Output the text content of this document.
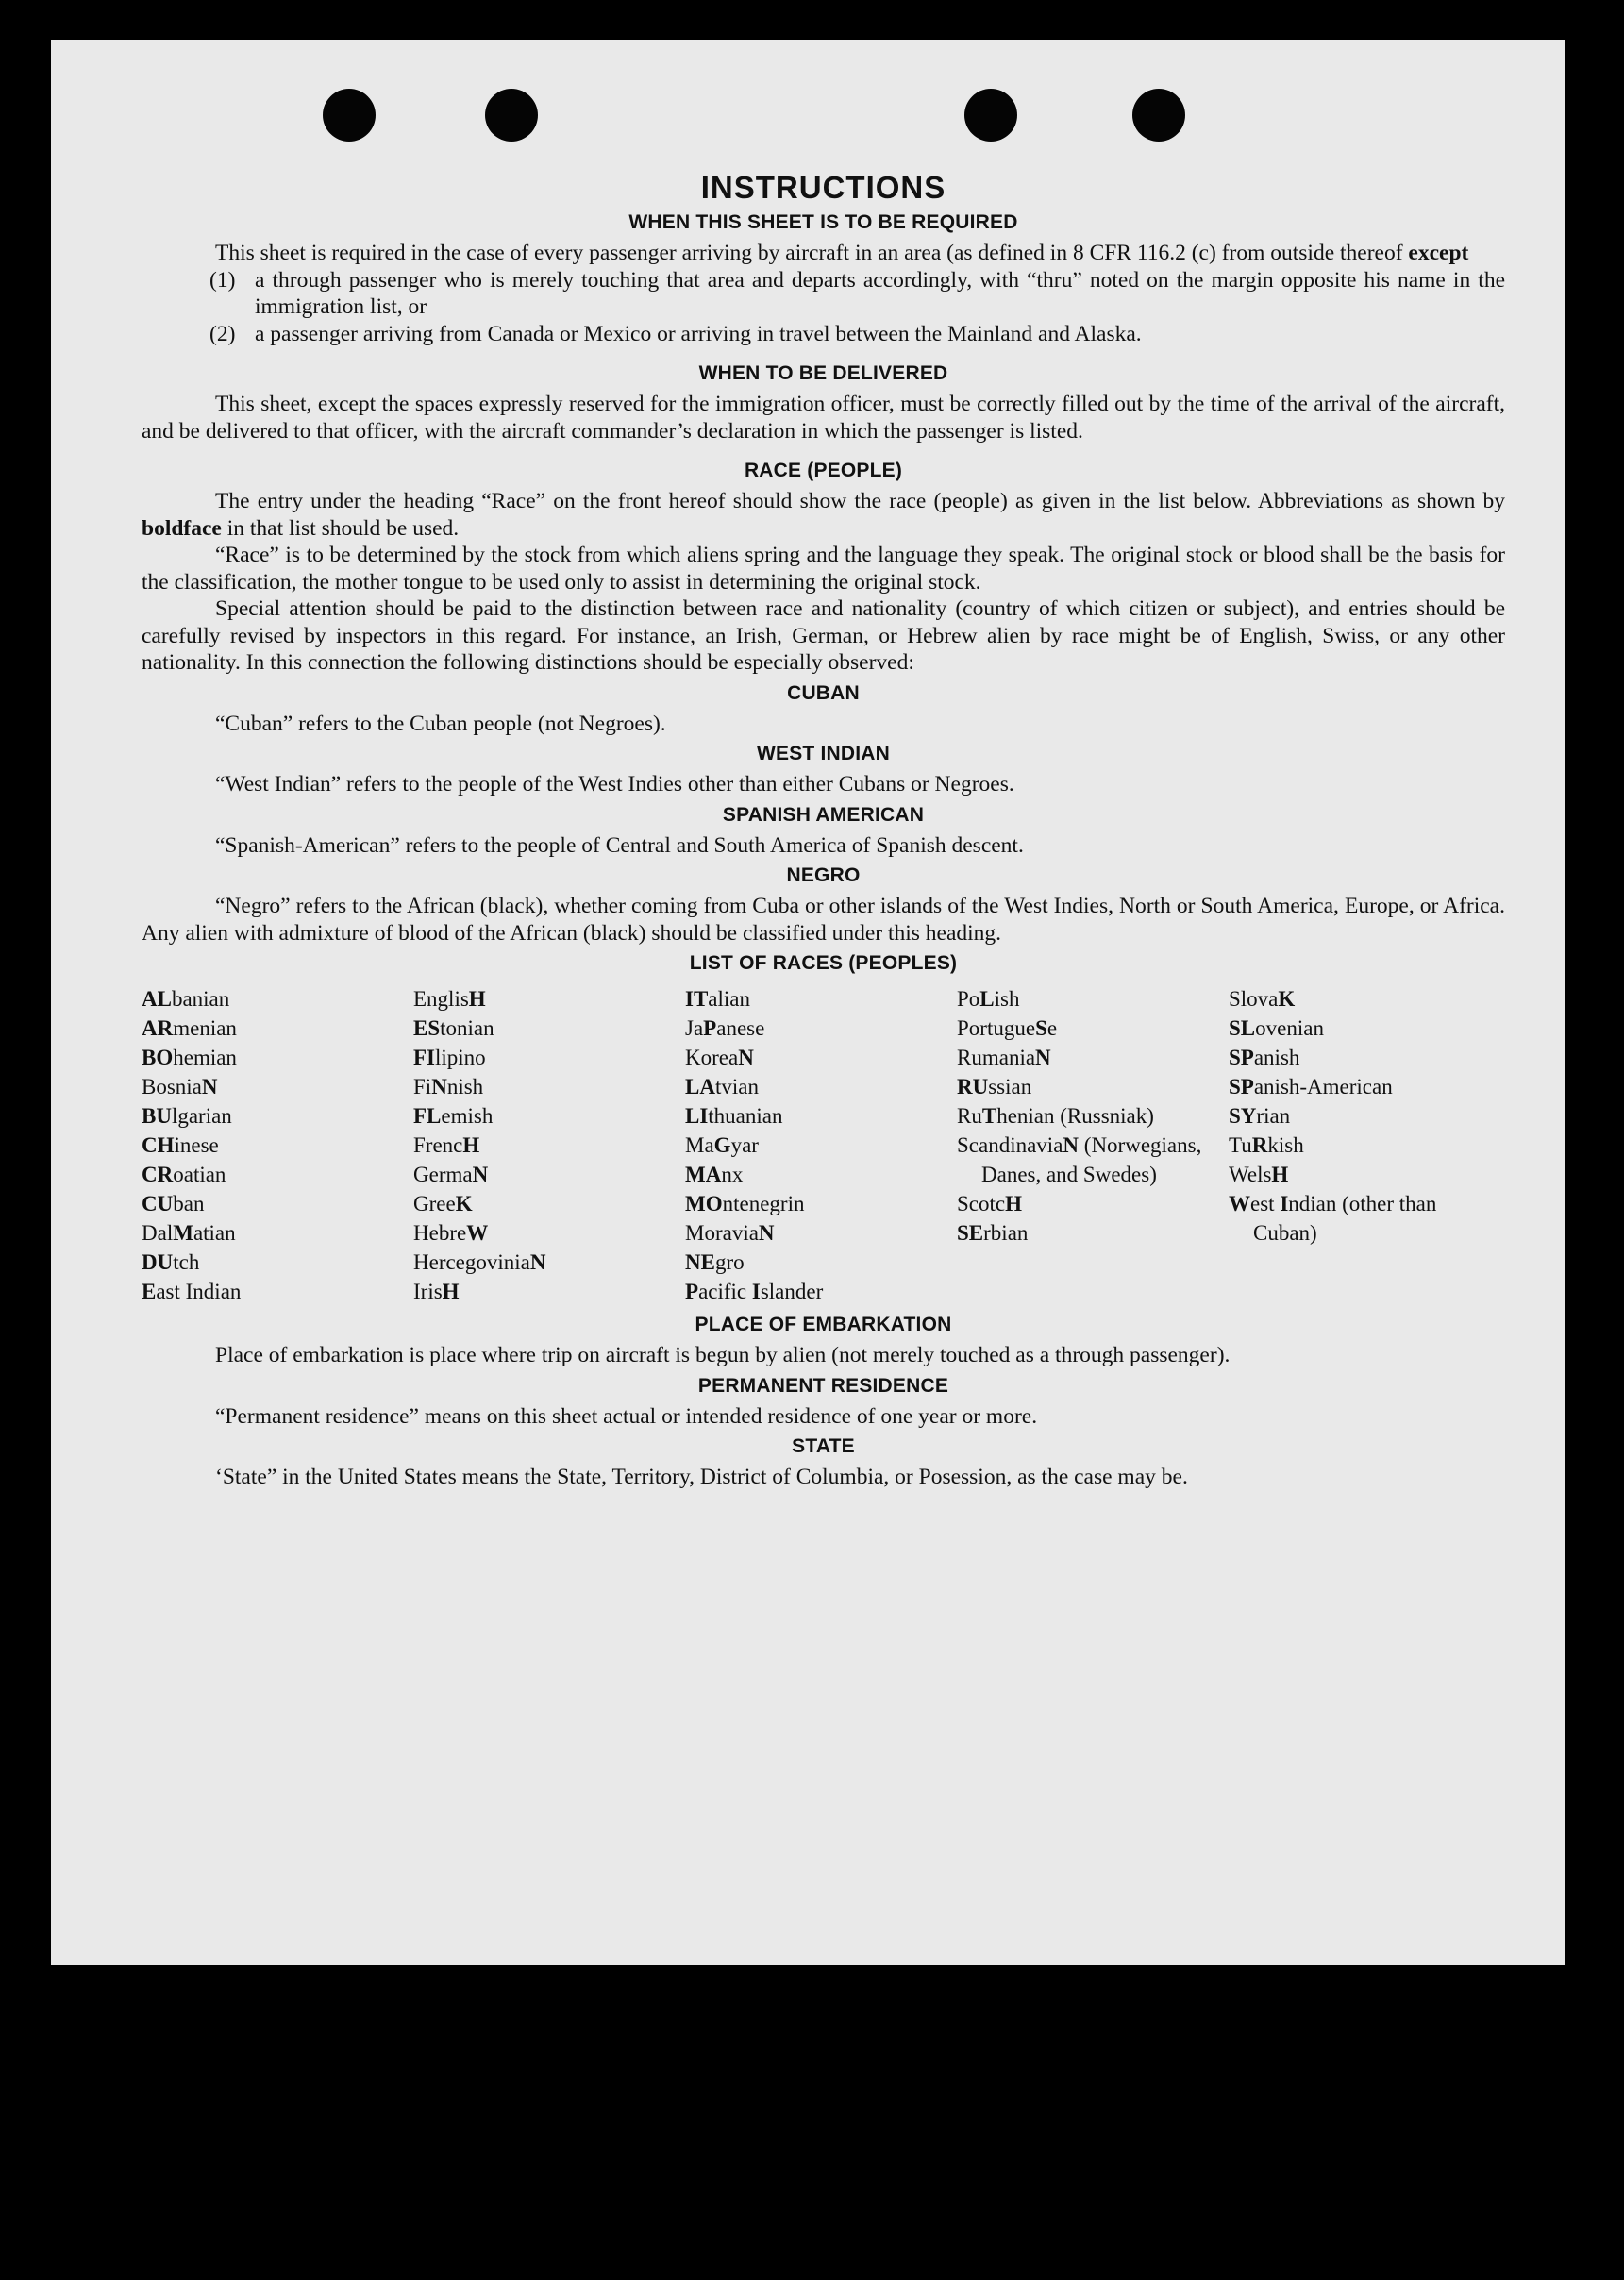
INSTRUCTIONS
WHEN THIS SHEET IS TO BE REQUIRED

This sheet is required in the case of every passenger arriving by aircraft in an area (as defined in 8 CFR 116.2 (c) from outside thereof except

(1) a through passenger who is merely touching that area and departs accordingly, with “thru” noted on the margin opposite his name in the immigration list, or

(2) a passenger arriving from Canada or Mexico or arriving in travel between the Mainland and Alaska.

WHEN TO BE DELIVERED

This sheet, except the spaces expressly reserved for the immigration officer, must be correctly filled out by the time of the arrival of the aircraft, and be delivered to that officer, with the aircraft commander’s declaration in which the passenger is listed.

RACE (PEOPLE)

The entry under the heading “Race” on the front hereof should show the race (people) as given in the list below. Abbreviations as shown by boldface in that list should be used.

“Race” is to be determined by the stock from which aliens spring and the language they speak. The original stock or blood shall be the basis for the classification, the mother tongue to be used only to assist in determining the original stock.

Special attention should be paid to the distinction between race and nationality (country of which citizen or subject), and entries should be carefully revised by inspectors in this regard. For instance, an Irish, German, or Hebrew alien by race might be of English, Swiss, or any other nationality. In this connection the following distinctions should be especially observed:

CUBAN

“Cuban” refers to the Cuban people (not Negroes).

WEST INDIAN

“West Indian” refers to the people of the West Indies other than either Cubans or Negroes.

SPANISH AMERICAN

“Spanish-American” refers to the people of Central and South America of Spanish descent.

NEGRO

“Negro” refers to the African (black), whether coming from Cuba or other islands of the West Indies, North or South America, Europe, or Africa. Any alien with admixture of blood of the African (black) should be classified under this heading.

LIST OF RACES (PEOPLES)
ALbanian
ARmenian
BOhemian
BosniaN
BUlgarian
CHinese
CRoatian
CUban
DalMatian
DUtch
East Indian
EnglisH
EStonian
FIlipino
FiNnish
FLemish
FrencH
GermaN
GreeK
HebreW
HercegoviniaN
IrisH
ITalian
JaPanese
KoreaN
LAtvian
LIthuanian
MaGyar
MAnx
MOntenegrin
MoraviaN
NEgro
Pacific Islander
PoLish
PortugueSe
RumaniaN
RUssian
RuThenian (Russniak)
ScandinaviaN (Norwegians, Danes, and Swedes)
ScotcH
SErbian
SlovaK
SLovenian
SPanish
SPanish-American
SYrian
TuRkish
WelsH
West Indian (other than Cuban)
PLACE OF EMBARKATION

Place of embarkation is place where trip on aircraft is begun by alien (not merely touched as a through passenger).

PERMANENT RESIDENCE

“Permanent residence” means on this sheet actual or intended residence of one year or more.

STATE

‘State” in the United States means the State, Territory, District of Columbia, or Posession, as the case may be.
